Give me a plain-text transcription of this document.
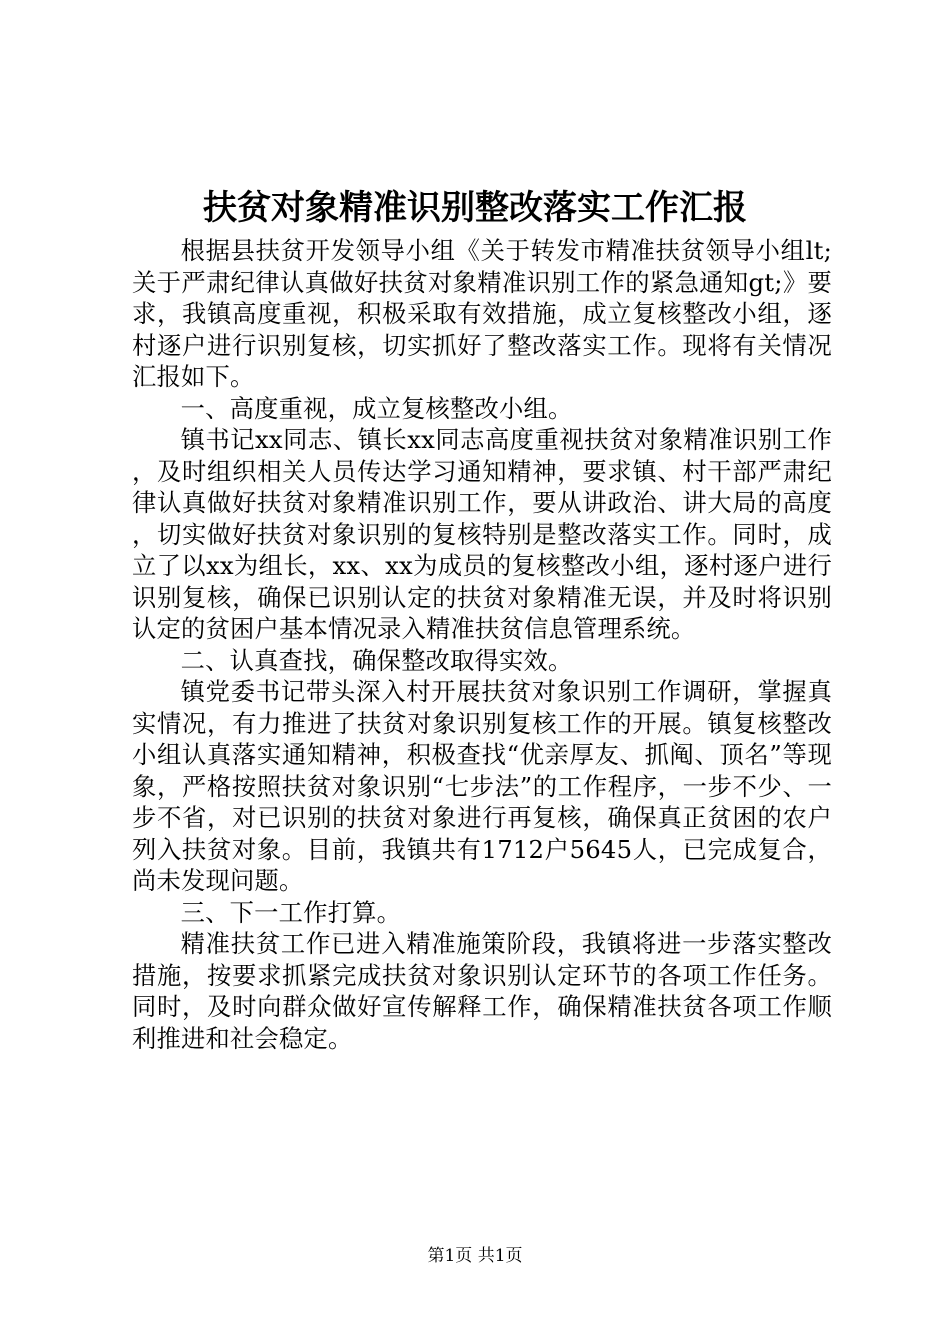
扶贫对象精准识别整改落实工作汇报

根据县扶贫开发领导小组《关于转发市精准扶贫领导小组lt;关于严肃纪律认真做好扶贫对象精准识别工作的紧急通知gt;》要求，我镇高度重视，积极采取有效措施，成立复核整改小组，逐村逐户进行识别复核，切实抓好了整改落实工作。现将有关情况汇报如下。

一、高度重视，成立复核整改小组。

镇书记xx同志、镇长xx同志高度重视扶贫对象精准识别工作，及时组织相关人员传达学习通知精神，要求镇、村干部严肃纪律认真做好扶贫对象精准识别工作，要从讲政治、讲大局的高度，切实做好扶贫对象识别的复核特别是整改落实工作。同时，成立了以xx为组长，xx、xx为成员的复核整改小组，逐村逐户进行识别复核，确保已识别认定的扶贫对象精准无误，并及时将识别认定的贫困户基本情况录入精准扶贫信息管理系统。

二、认真查找，确保整改取得实效。

镇党委书记带头深入村开展扶贫对象识别工作调研，掌握真实情况，有力推进了扶贫对象识别复核工作的开展。镇复核整改小组认真落实通知精神，积极查找“优亲厚友、抓阄、顶名”等现象，严格按照扶贫对象识别“七步法”的工作程序，一步不少、一步不省，对已识别的扶贫对象进行再复核，确保真正贫困的农户列入扶贫对象。目前，我镇共有1712户5645人，已完成复合，尚未发现问题。

三、下一工作打算。

精准扶贫工作已进入精准施策阶段，我镇将进一步落实整改措施，按要求抓紧完成扶贫对象识别认定环节的各项工作任务。同时，及时向群众做好宣传解释工作，确保精准扶贫各项工作顺利推进和社会稳定。

第1页 共1页
